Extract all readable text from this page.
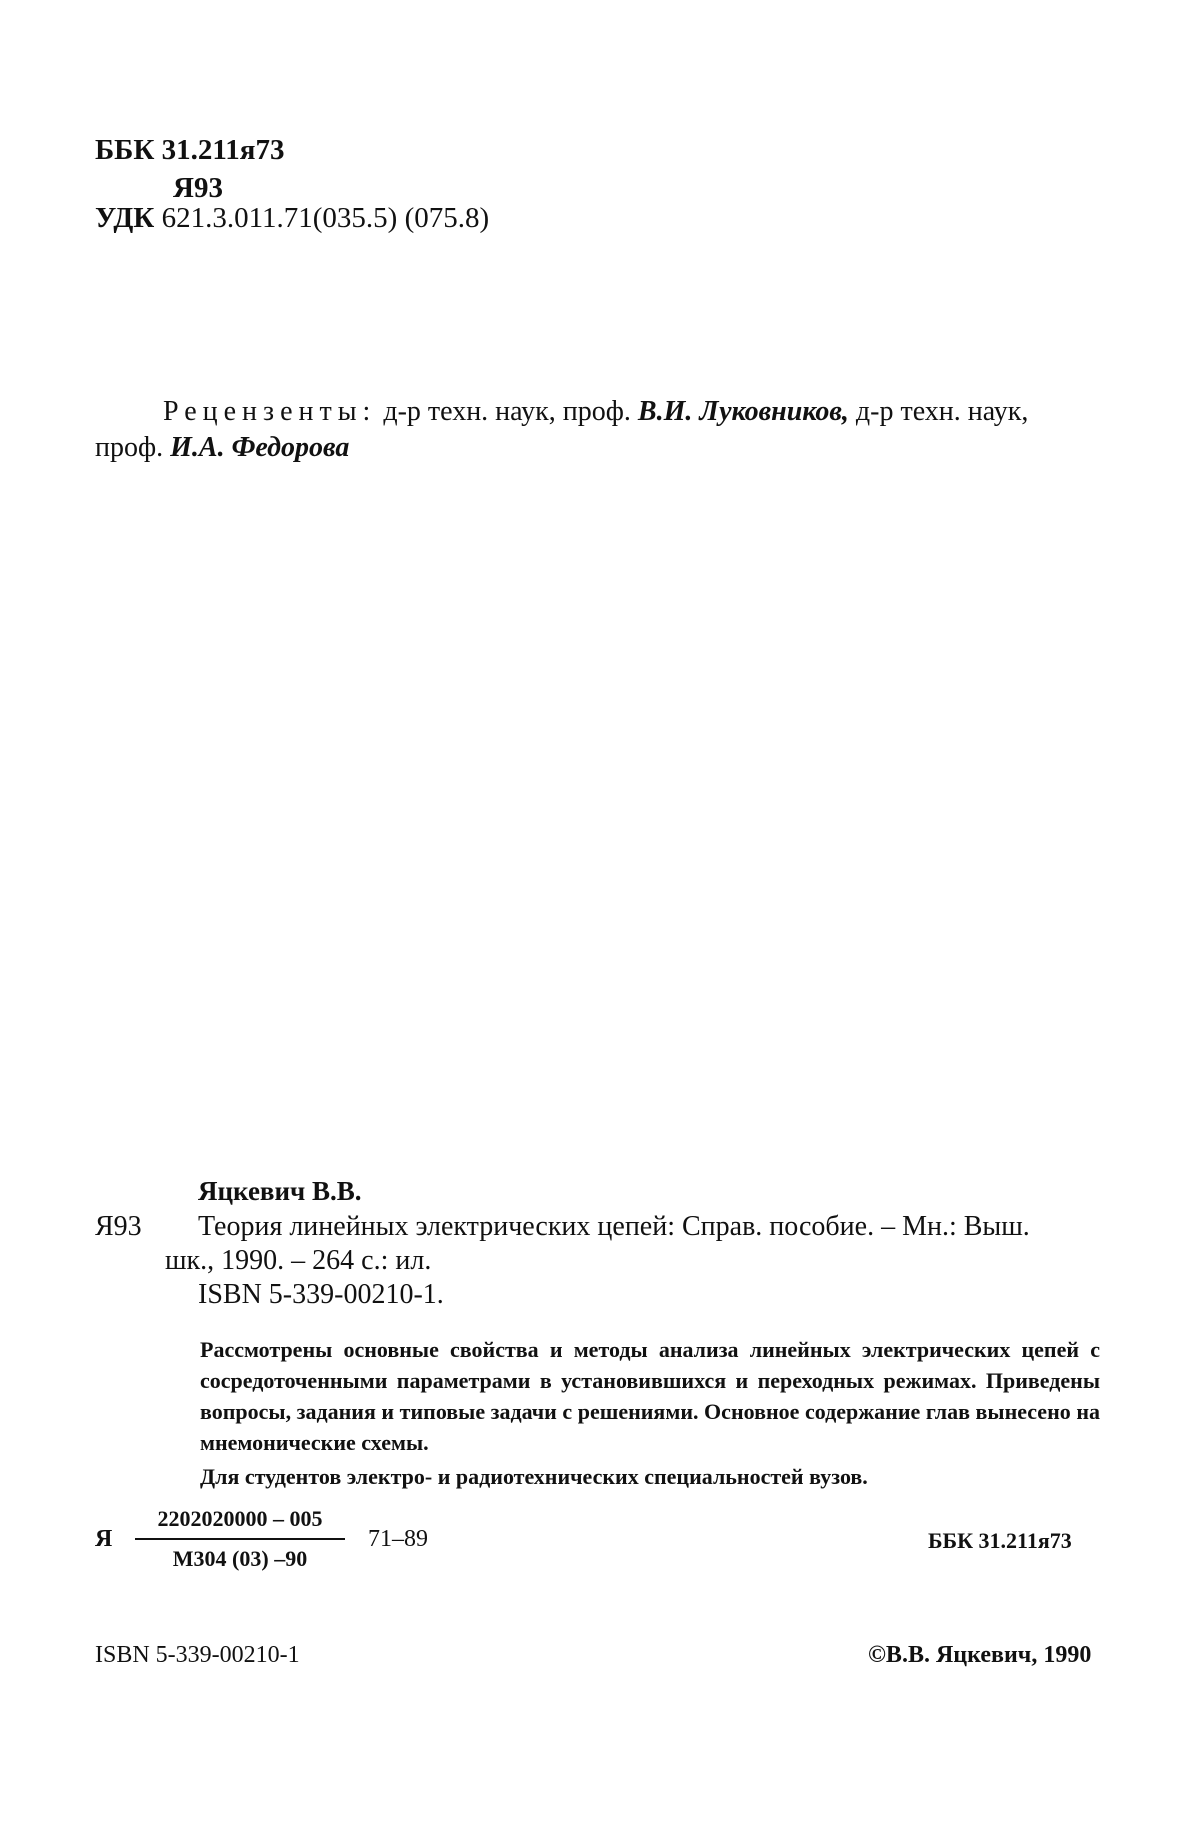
ББК 31.211я73
Я93
УДК 621.3.011.71(035.5) (075.8)
Рецензенты: д-р техн. наук, проф. В.И. Луковников, д-р техн. наук,
проф. И.А. Федорова
Яцкевич В.В.
Я93 Теория линейных электрических цепей: Справ. пособие. – Мн.: Выш.
шк., 1990. – 264 с.: ил.
ISBN 5-339-00210-1.

Рассмотрены основные свойства и методы анализа линейных электрических цепей с сосредоточенными параметрами в установившихся и переходных режимах. Приведены вопросы, задания и типовые задачи с решениями. Основное содержание глав вынесено на мнемонические схемы.

Для студентов электро- и радиотехнических специальностей вузов.

Я
2202020000 – 005
М304 (03) –90
71–89	ББК 31.211я73
ISBN 5-339-00210-1	©В.В. Яцкевич, 1990
